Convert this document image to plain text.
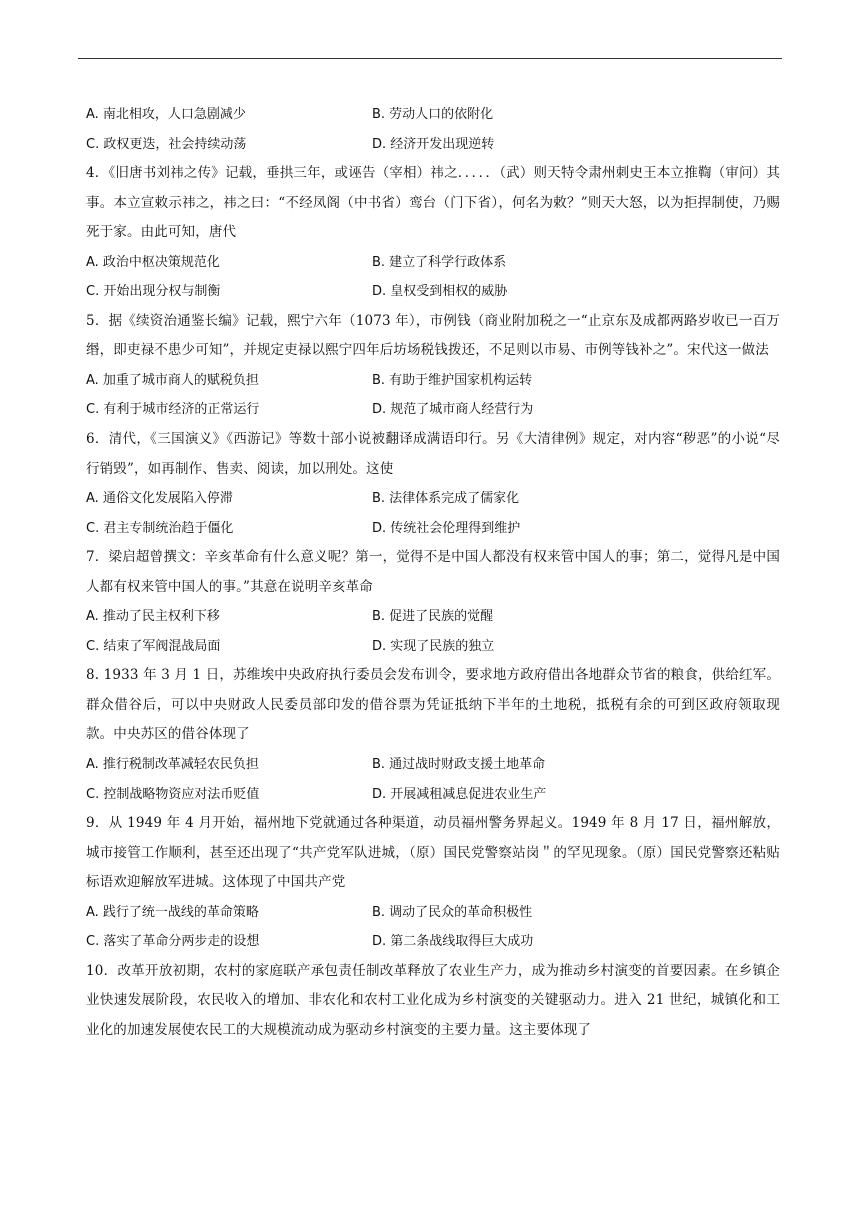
A. 南北相攻，人口急剧减少	B. 劳动人口的依附化
C. 政权更迭，社会持续动荡	D. 经济开发出现逆转

4．《旧唐书刘祎之传》记载，垂拱三年，或诬告（宰相）祎之．．．．．（武）则天特令肃州刺史王本立推鞫（审问）其事。本立宣敕示祎之，祎之曰：“不经凤阁（中书省）鸾台（门下省），何名为敕？”则天大怒，以为拒捍制使，乃赐死于家。由此可知，唐代

A. 政治中枢决策规范化	B. 建立了科学行政体系
C. 开始出现分权与制衡	D. 皇权受到相权的威胁

5．据《续资治通鉴长编》记载，熙宁六年（1073 年），市例钱（商业附加税之一“止京东及成都两路岁收已一百万缗，即吏禄不患少可知”，并规定吏禄以熙宁四年后坊场税钱拨还，不足则以市易、市例等钱补之”。宋代这一做法

A. 加重了城市商人的赋税负担	B. 有助于维护国家机构运转
C. 有利于城市经济的正常运行	D. 规范了城市商人经营行为

6．清代，《三国演义》《西游记》等数十部小说被翻译成满语印行。另《大清律例》规定，对内容“秽恶”的小说“尽行销毁”，如再制作、售卖、阅读，加以刑处。这使

A. 通俗文化发展陷入停滞	B. 法律体系完成了儒家化
C. 君主专制统治趋于僵化	D. 传统社会伦理得到维护

7．梁启超曾撰文：辛亥革命有什么意义呢？第一，觉得不是中国人都没有权来管中国人的事；第二，觉得凡是中国人都有权来管中国人的事。”其意在说明辛亥革命

A. 推动了民主权利下移	B. 促进了民族的觉醒
C. 结束了军阀混战局面	D. 实现了民族的独立

8. 1933 年 3 月 1 日，苏维埃中央政府执行委员会发布训令，要求地方政府借出各地群众节省的粮食，供给红军。群众借谷后，可以中央财政人民委员部印发的借谷票为凭证抵纳下半年的土地税，抵税有余的可到区政府领取现款。中央苏区的借谷体现了

A. 推行税制改革减轻农民负担	B. 通过战时财政支援土地革命
C. 控制战略物资应对法币贬值	D. 开展减租减息促进农业生产

9．从 1949 年 4 月开始，福州地下党就通过各种渠道，动员福州警务界起义。1949 年 8 月 17 日，福州解放，城市接管工作顺利，甚至还出现了“共产党军队进城，（原）国民党警察站岗＂的罕见现象。（原）国民党警察还粘贴标语欢迎解放军进城。这体现了中国共产党

A. 践行了统一战线的革命策略	B. 调动了民众的革命积极性
C. 落实了革命分两步走的设想	D. 第二条战线取得巨大成功

10．改革开放初期，农村的家庭联产承包责任制改革释放了农业生产力，成为推动乡村演变的首要因素。在乡镇企业快速发展阶段，农民收入的增加、非农化和农村工业化成为乡村演变的关键驱动力。进入 21 世纪，城镇化和工业化的加速发展使农民工的大规模流动成为驱动乡村演变的主要力量。这主要体现了
